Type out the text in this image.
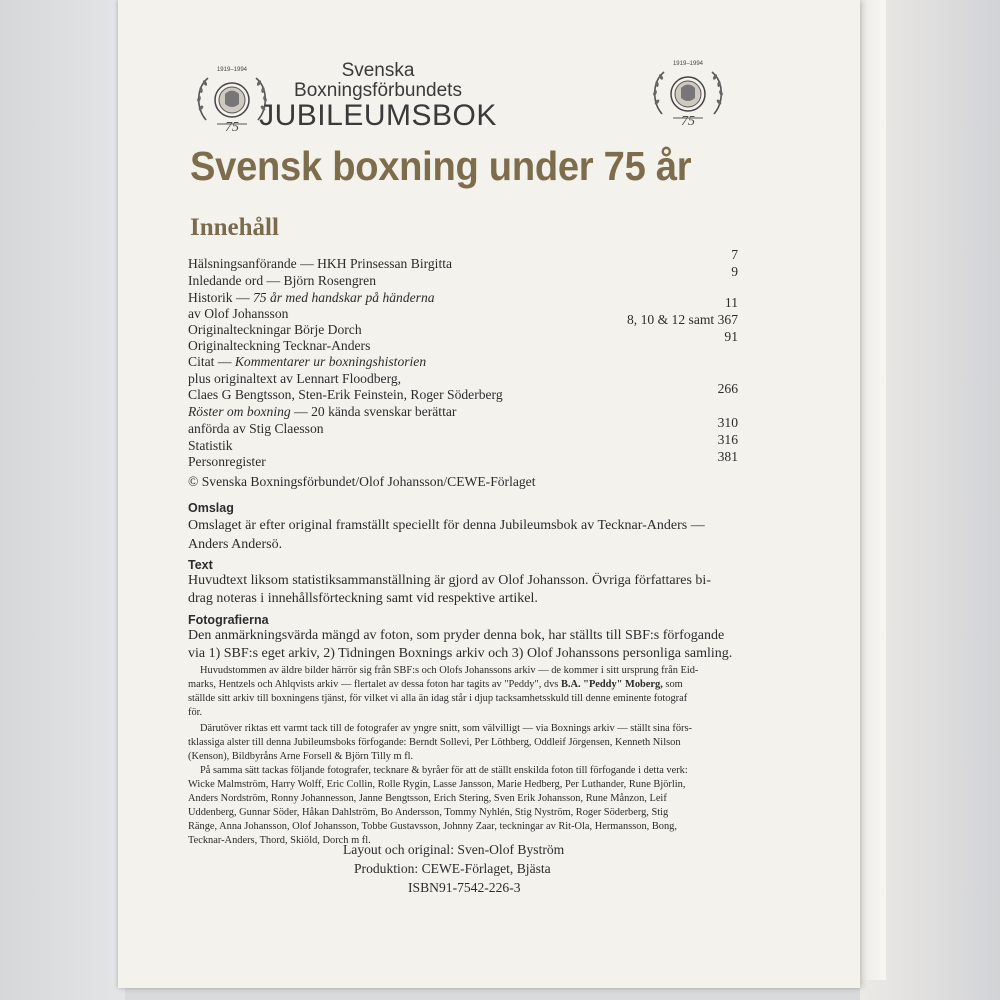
1919–1994
75
1919–1994
75
Svenska
Boxningsförbundets
JUBILEUMSBOK
Svensk boxning under 75 år
Innehåll
Hälsningsanförande — HKH Prinsessan Birgitta
Inledande ord — Björn Rosengren
Historik — 75 år med handskar på händerna
av Olof Johansson
Originalteckningar Börje Dorch
Originalteckning Tecknar-Anders
Citat — Kommentarer ur boxningshistorien
plus originaltext av Lennart Floodberg,
Claes G Bengtsson, Sten-Erik Feinstein, Roger Söderberg
Röster om boxning — 20 kända svenskar berättar
anförda av Stig Claesson
Statistik
Personregister
7
9
11
8, 10 & 12 samt 367
91
266
310
316
381
© Svenska Boxningsförbundet/Olof Johansson/CEWE-Förlaget
Omslag
Omslaget är efter original framställt speciellt för denna Jubileumsbok av Tecknar-Anders —
Anders Andersö.
Text
Huvudtext liksom statistiksammanställning är gjord av Olof Johansson. Övriga författares bi-
drag noteras i innehållsförteckning samt vid respektive artikel.
Fotografierna
Den anmärkningsvärda mängd av foton, som pryder denna bok, har ställts till SBF:s förfogande
via 1) SBF:s eget arkiv, 2) Tidningen Boxnings arkiv och 3) Olof Johanssons personliga samling.
Huvudstommen av äldre bilder härrör sig från SBF:s och Olofs Johanssons arkiv — de kommer i sitt ursprung från Eid-
marks, Hentzels och Ahlqvists arkiv — flertalet av dessa foton har tagits av "Peddy", dvs B.A. "Peddy" Moberg, som
ställde sitt arkiv till boxningens tjänst, för vilket vi alla än idag står i djup tacksamhetsskuld till denne eminente fotograf
för.
Därutöver riktas ett varmt tack till de fotografer av yngre snitt, som välvilligt — via Boxnings arkiv — ställt sina förs-
tklassiga alster till denna Jubileumsboks förfogande: Berndt Sollevi, Per Löthberg, Oddleif Jörgensen, Kenneth Nilson
(Kenson), Bildbyråns Arne Forsell & Björn Tilly m fl.
På samma sätt tackas följande fotografer, tecknare & byråer för att de ställt enskilda foton till förfogande i detta verk:
Wicke Malmström, Harry Wolff, Eric Collin, Rolle Rygin, Lasse Jansson, Marie Hedberg, Per Luthander, Rune Björlin,
Anders Nordström, Ronny Johannesson, Janne Bengtsson, Erich Stering, Sven Erik Johansson, Rune Månzon, Leif
Uddenberg, Gunnar Söder, Håkan Dahlström, Bo Andersson, Tommy Nyhlén, Stig Nyström, Roger Söderberg, Stig
Ränge, Anna Johansson, Olof Johansson, Tobbe Gustavsson, Johnny Zaar, teckningar av Rit-Ola, Hermansson, Bong,
Tecknar-Anders, Thord, Skiöld, Dorch m fl.
Layout och original: Sven-Olof Byström
Produktion: CEWE-Förlaget, Bjästa
ISBN91-7542-226-3
